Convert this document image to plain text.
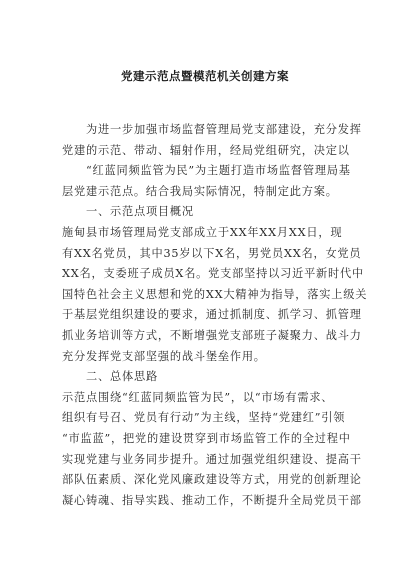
党建示范点暨模范机关创建方案
为进一步加强市场监督管理局党支部建设，充分发挥
党建的示范、带动、辐射作用，经局党组研究，决定以
“红蓝同频监管为民”为主题打造市场监督管理局基
层党建示范点。结合我局实际情况，特制定此方案。
一、示范点项目概况
施甸县市场管理局党支部成立于XX年XX月XX日，现
有XX名党员，其中35岁以下X名，男党员XX名，女党员
XX名，支委班子成员X名。党支部坚持以习近平新时代中
国特色社会主义思想和党的XX大精神为指导，落实上级关
于基层党组织建设的要求，通过抓制度、抓学习、抓管理
抓业务培训等方式，不断增强党支部班子凝聚力、战斗力
充分发挥党支部坚强的战斗堡垒作用。
二、总体思路
示范点围绕“红蓝同频监管为民”，以“市场有需求、
组织有号召、党员有行动”为主线，坚持“党建红”引领
“市监蓝”，把党的建设贯穿到市场监管工作的全过程中
实现党建与业务同步提升。通过加强党组织建设、提高干
部队伍素质、深化党风廉政建设等方式，用党的创新理论
凝心铸魂、指导实践、推动工作，不断提升全局党员干部
